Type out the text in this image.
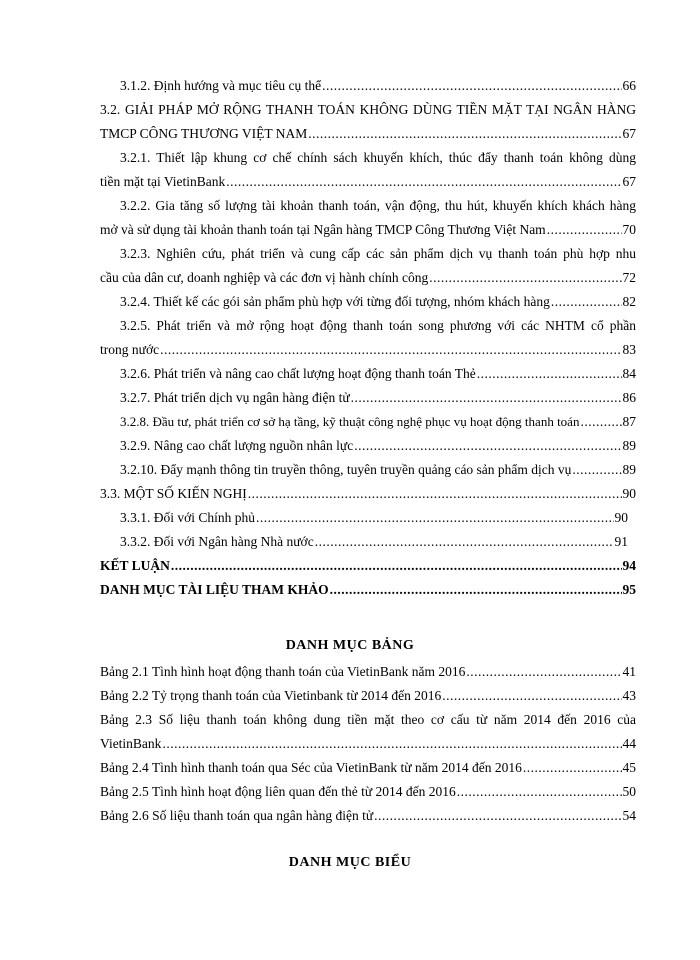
3.1.2. Định hướng và mục tiêu cụ thể .....	66
3.2. GIẢI PHÁP MỞ RỘNG THANH TOÁN KHÔNG DÙNG TIỀN MẶT TẠI NGÂN HÀNG
TMCP CÔNG THƯƠNG VIỆT NAM .....	67
3.2.1. Thiết lập khung cơ chế chính sách khuyến khích, thúc đẩy thanh toán không dùng
tiền mặt tại VietinBank .....	67
3.2.2. Gia tăng số lượng tài khoản thanh toán, vận động, thu hút, khuyến khích khách hàng
mở và sử dụng tài khoản thanh toán tại Ngân hàng TMCP Công Thương Việt Nam .....	70
3.2.3. Nghiên cứu, phát triển và cung cấp các sản phẩm dịch vụ thanh toán phù hợp nhu
cầu của dân cư, doanh nghiệp và các đơn vị hành chính công .....	72
3.2.4. Thiết kế các gói sản phẩm phù hợp với từng đối tượng, nhóm khách hàng .....	82
3.2.5. Phát triển và mở rộng hoạt động thanh toán song phương với các NHTM cổ phần
trong nước .....	83
3.2.6. Phát triển và nâng cao chất lượng hoạt động thanh toán Thẻ .....	84
3.2.7. Phát triển dịch vụ ngân hàng điện tử .....	86
3.2.8. Đầu tư, phát triển cơ sở hạ tầng, kỹ thuật công nghệ phục vụ hoạt động thanh toán .....	87
3.2.9. Nâng cao chất lượng nguồn nhân lực .....	89
3.2.10. Đẩy mạnh thông tin truyền thông, tuyên truyền quảng cáo sản phẩm dịch vụ .....	89
3.3. MỘT SỐ KIẾN NGHỊ .....	90
3.3.1. Đối với Chính phủ .....	90
3.3.2. Đối với Ngân hàng Nhà nước .....	91
KẾT LUẬN .....	94
DANH MỤC TÀI LIỆU THAM KHẢO .....	95
DANH MỤC BẢNG
Bảng 2.1 Tình hình hoạt động thanh toán của VietinBank năm 2016 .....	41
Bảng 2.2 Tỷ trọng thanh toán của Vietinbank từ 2014 đến 2016 .....	43
Bảng 2.3 Số liệu thanh toán không dung tiền mặt theo cơ cấu từ năm 2014 đến 2016 của
VietinBank .....	44
Bảng 2.4 Tình hình thanh toán qua Séc của VietinBank từ năm 2014 đến 2016 .....	45
Bảng 2.5 Tình hình hoạt động liên quan đến thẻ từ 2014 đến 2016 .....	50
Bảng 2.6 Số liệu thanh toán qua ngân hàng điện tử .....	54
DANH MỤC BIỂU
